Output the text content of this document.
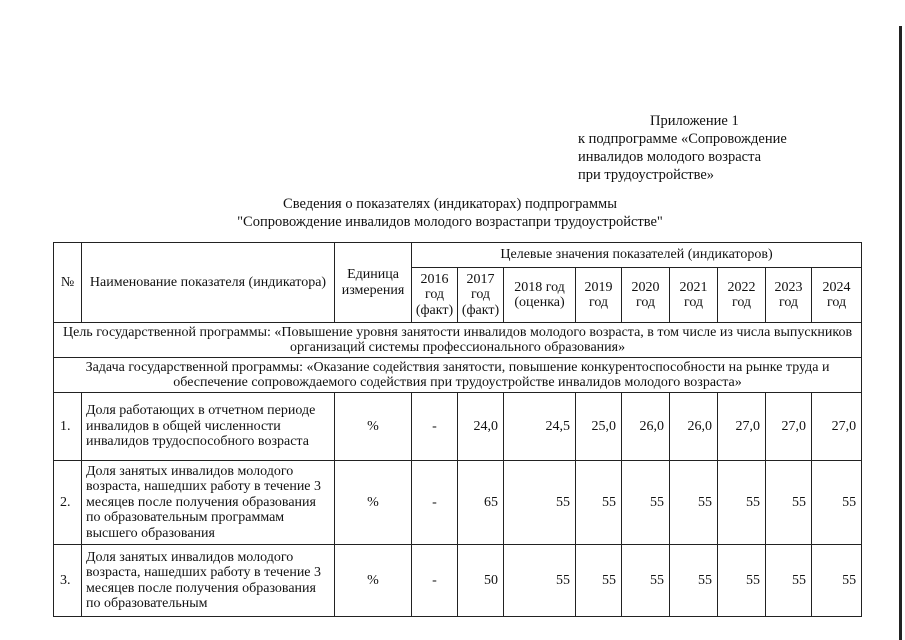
Приложение 1
к подпрограмме «Сопровождение
инвалидов молодого возраста
при трудоустройстве»
Сведения о показателях (индикаторах) подпрограммы
"Сопровождение инвалидов молодого возрастапри трудоустройстве"
№	Наименование показателя (индикатора)	Единица измерения	Целевые значения показателей (индикаторов)								
			2016 год (факт)	2017 год (факт)	2018 год (оценка)	2019 год	2020 год	2021 год	2022 год	2023 год	2024 год
Цель государственной программы: «Повышение уровня занятости инвалидов молодого возраста, в том числе из числа выпускников организаций системы профессионального образования»											
Задача государственной программы: «Оказание содействия занятости, повышение конкурентоспособности на рынке труда и обеспечение сопровождаемого содействия при трудоустройстве инвалидов молодого возраста»											
1.	Доля работающих в отчетном периоде инвалидов в общей численности инвалидов трудоспособного возраста	%	-	24,0	24,5	25,0	26,0	26,0	27,0	27,0	27,0
2.	Доля занятых инвалидов молодого возраста, нашедших работу в течение 3 месяцев после получения образования по образовательным программам высшего образования	%	-	65	55	55	55	55	55	55	55
3.	Доля занятых инвалидов молодого возраста, нашедших работу в течение 3 месяцев после получения образования по образовательным	%	-	50	55	55	55	55	55	55	55
